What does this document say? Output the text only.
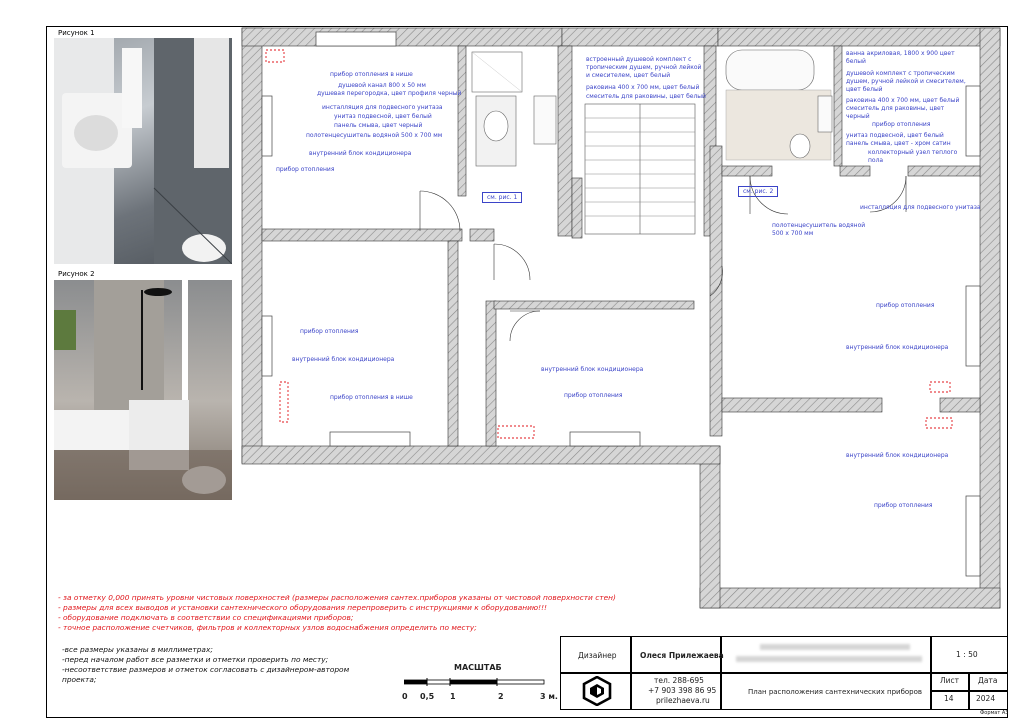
Рисунок 1
Рисунок 2
прибор отопления в нише
душевой канал 800 х 50 мм
душевая перегородка, цвет профиля черный
инсталляция для подвесного унитаза
унитаз подвесной, цвет белый
панель смыва, цвет черный
полотенцесушитель водяной 500 х 700 мм
внутренний блок кондиционера
прибор отопления
встроенный душевой комплект с
тропическим душем, ручной лейкой
и смесителем, цвет белый
раковина 400 х 700 мм, цвет белый
смеситель для раковины, цвет белый
ванна акриловая, 1800 х 900 цвет
белый
душевой комплект с тропическим
душем, ручной лейкой и смесителем,
цвет белый
раковина 400 х 700 мм, цвет белый
смеситель для раковины, цвет
черный
прибор отопления
унитаз подвесной, цвет белый
панель смыва, цвет - хром сатин
коллекторный узел теплого
пола
инсталляция для подвесного унитаза
полотенцесушитель водяной
500 х 700 мм
прибор отопления
внутренний блок кондиционера
внутренний блок кондиционера
прибор отопления
прибор отопления
внутренний блок кондиционера
прибор отопления в нише
внутренний блок кондиционера
прибор отопления
см. рис. 1
см. рис. 2
- за отметку 0,000 принять уровни чистовых поверхностей (размеры расположения сантех.приборов указаны от чистовой поверхности стен)
- размеры для всех выводов и установки сантехнического оборудования перепроверить с инструкциями к оборудованию!!!
- оборудование подключать в соответствии со спецификациями приборов;
- точное расположение счетчиков, фильтров и коллекторных узлов водоснабжения определить по месту;
-все размеры указаны в миллиметрах;
-перед началом работ все разметки и отметки проверить по месту;
-несоответствие размеров и отметок согласовать с дизайнером-автором
проекта;
МАСШТАБ
0 0,5 1	2	3 м.
Дизайнер	Олеся Прилежаева
тел. 288-695
+7 903 398 86 95
prilezhaeva.ru
План расположения сантехнических приборов
1 : 50
Лист	Дата
14	2024
Формат А3
